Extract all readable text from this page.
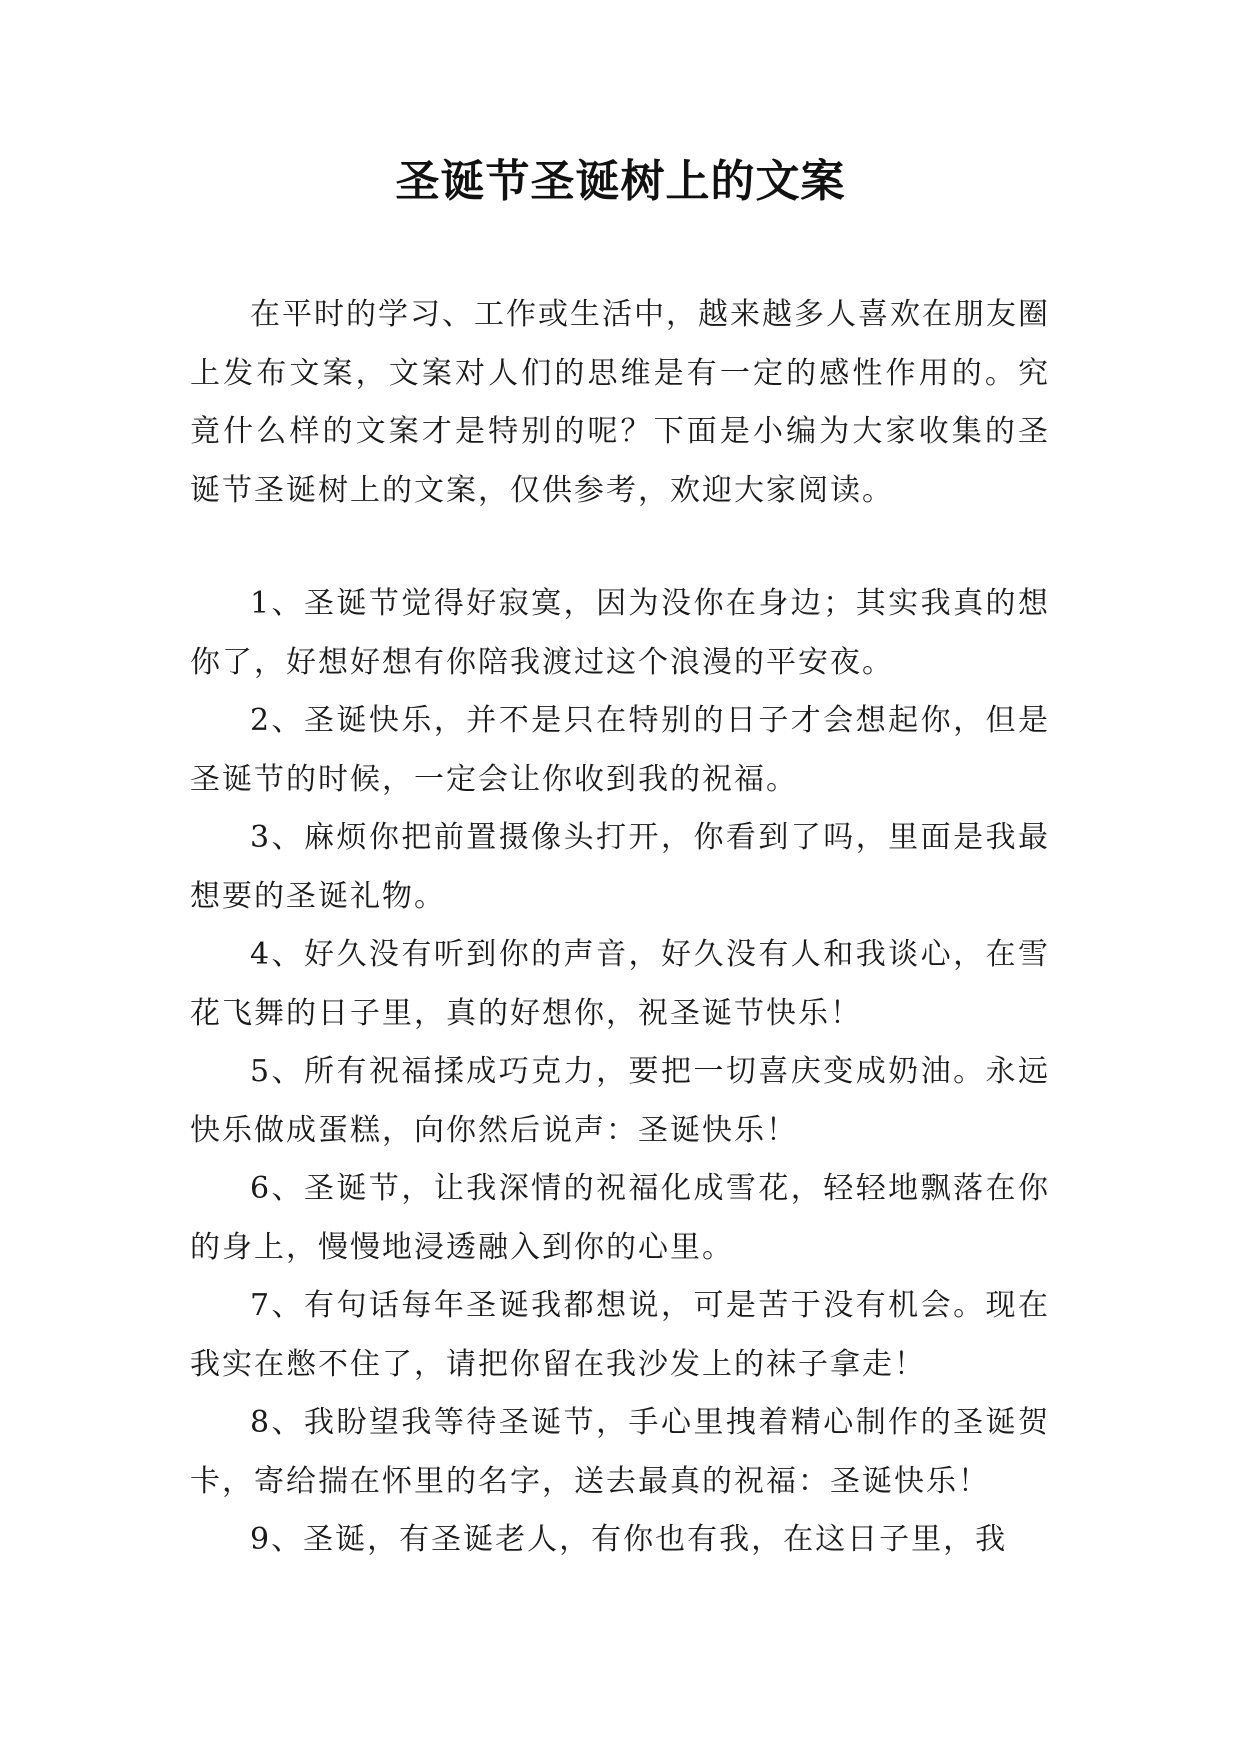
圣诞节圣诞树上的文案

在平时的学习、工作或生活中，越来越多人喜欢在朋友圈上发布文案，文案对人们的思维是有一定的感性作用的。究竟什么样的文案才是特别的呢？下面是小编为大家收集的圣诞节圣诞树上的文案，仅供参考，欢迎大家阅读。

1、圣诞节觉得好寂寞，因为没你在身边；其实我真的想你了，好想好想有你陪我渡过这个浪漫的平安夜。

2、圣诞快乐，并不是只在特别的日子才会想起你，但是圣诞节的时候，一定会让你收到我的祝福。

3、麻烦你把前置摄像头打开，你看到了吗，里面是我最想要的圣诞礼物。

4、好久没有听到你的声音，好久没有人和我谈心，在雪花飞舞的日子里，真的好想你，祝圣诞节快乐！

5、所有祝福揉成巧克力，要把一切喜庆变成奶油。永远快乐做成蛋糕，向你然后说声：圣诞快乐！

6、圣诞节，让我深情的祝福化成雪花，轻轻地飘落在你的身上，慢慢地浸透融入到你的心里。

7、有句话每年圣诞我都想说，可是苦于没有机会。现在我实在憋不住了，请把你留在我沙发上的袜子拿走！

8、我盼望我等待圣诞节，手心里拽着精心制作的圣诞贺卡，寄给揣在怀里的名字，送去最真的祝福：圣诞快乐！

9、圣诞，有圣诞老人，有你也有我，在这日子里，我
